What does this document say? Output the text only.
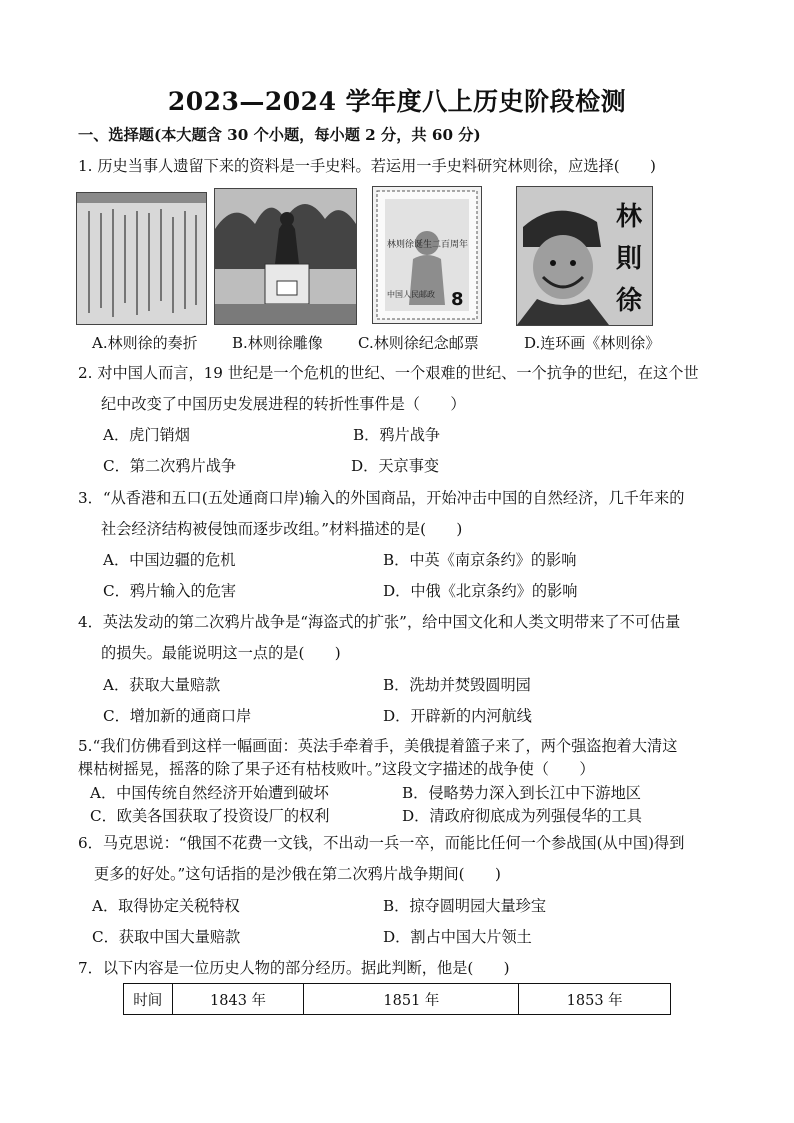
2023—2024 学年度八上历史阶段检测
一、选择题(本大题含 30 个小题，每小题 2 分，共 60 分)
1. 历史当事人遗留下来的资料是一手史料。若运用一手史料研究林则徐，应选择(　　)
林则徐诞生二百周年
中国人民邮政 8
林
則
徐
A.林则徐的奏折 B.林则徐雕像 C.林则徐纪念邮票	D.连环画《林则徐》
2. 对中国人而言，19 世纪是一个危机的世纪、一个艰难的世纪、一个抗争的世纪，在这个世
纪中改变了中国历史发展进程的转折性事件是（　　）
A．虎门销烟	B．鸦片战争
C．第二次鸦片战争	D．天京事变
3．“从香港和五口(五处通商口岸)输入的外国商品，开始冲击中国的自然经济，几千年来的
社会经济结构被侵蚀而逐步改组。”材料描述的是(　　)
A．中国边疆的危机	B．中英《南京条约》的影响
C．鸦片输入的危害	D．中俄《北京条约》的影响
4．英法发动的第二次鸦片战争是“海盗式的扩张”，给中国文化和人类文明带来了不可估量
的损失。最能说明这一点的是(　　)
A．获取大量赔款	B．洗劫并焚毁圆明园
C．增加新的通商口岸	D．开辟新的内河航线
5.“我们仿佛看到这样一幅画面：英法手牵着手，美俄提着篮子来了，两个强盗抱着大清这
棵枯树摇晃，摇落的除了果子还有枯枝败叶。”这段文字描述的战争使（　　）
A．中国传统自然经济开始遭到破坏	B．侵略势力深入到长江中下游地区
C．欧美各国获取了投资设厂的权利	D．清政府彻底成为列强侵华的工具
6．马克思说：“俄国不花费一文钱，不出动一兵一卒，而能比任何一个参战国(从中国)得到
更多的好处。”这句话指的是沙俄在第二次鸦片战争期间(　　)
A．取得协定关税特权	B．掠夺圆明园大量珍宝
C．获取中国大量赔款	D．割占中国大片领土
7．以下内容是一位历史人物的部分经历。据此判断，他是(　　)
时间	1843 年	1851 年	1853 年
